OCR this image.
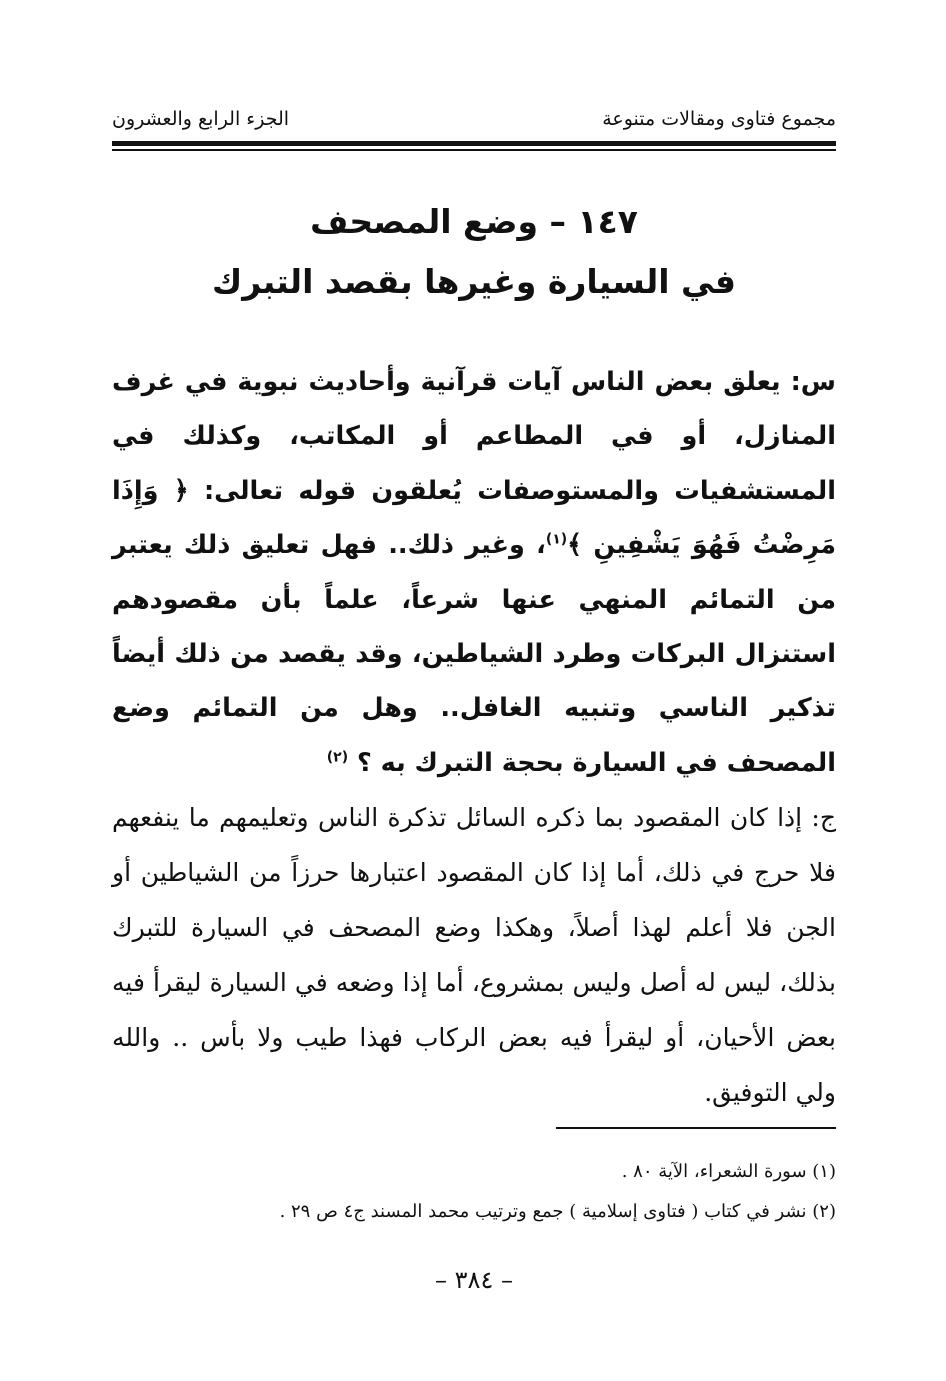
مجموع فتاوى ومقالات متنوعة
الجزء الرابع والعشرون
١٤٧ – وضع المصحف
في السيارة وغيرها بقصد التبرك
س: يعلق بعض الناس آيات قرآنية وأحاديث نبوية في غرف المنازل، أو في المطاعم أو المكاتب، وكذلك في المستشفيات والمستوصفات يُعلقون قوله تعالى: ﴿ وَإِذَا مَرِضْتُ فَهُوَ يَشْفِينِ ﴾$^{(١)}$، وغير ذلك.. فهل تعليق ذلك يعتبر من التمائم المنهي عنها شرعاً، علماً بأن مقصودهم استنزال البركات وطرد الشياطين، وقد يقصد من ذلك أيضاً تذكير الناسي وتنبيه الغافل.. وهل من التمائم وضع المصحف في السيارة بحجة التبرك به ؟ $^{(٢)}$
ج: إذا كان المقصود بما ذكره السائل تذكرة الناس وتعليمهم ما ينفعهم فلا حرج في ذلك، أما إذا كان المقصود اعتبارها حرزاً من الشياطين أو الجن فلا أعلم لهذا أصلاً، وهكذا وضع المصحف في السيارة للتبرك بذلك، ليس له أصل وليس بمشروع، أما إذا وضعه في السيارة ليقرأ فيه بعض الأحيان، أو ليقرأ فيه بعض الركاب فهذا طيب ولا بأس .. والله ولي التوفيق.
(١) سورة الشعراء، الآية ٨٠ .
(٢) نشر في كتاب ( فتاوى إسلامية ) جمع وترتيب محمد المسند ج٤ ص ٢٩ .
– ٣٨٤ –
